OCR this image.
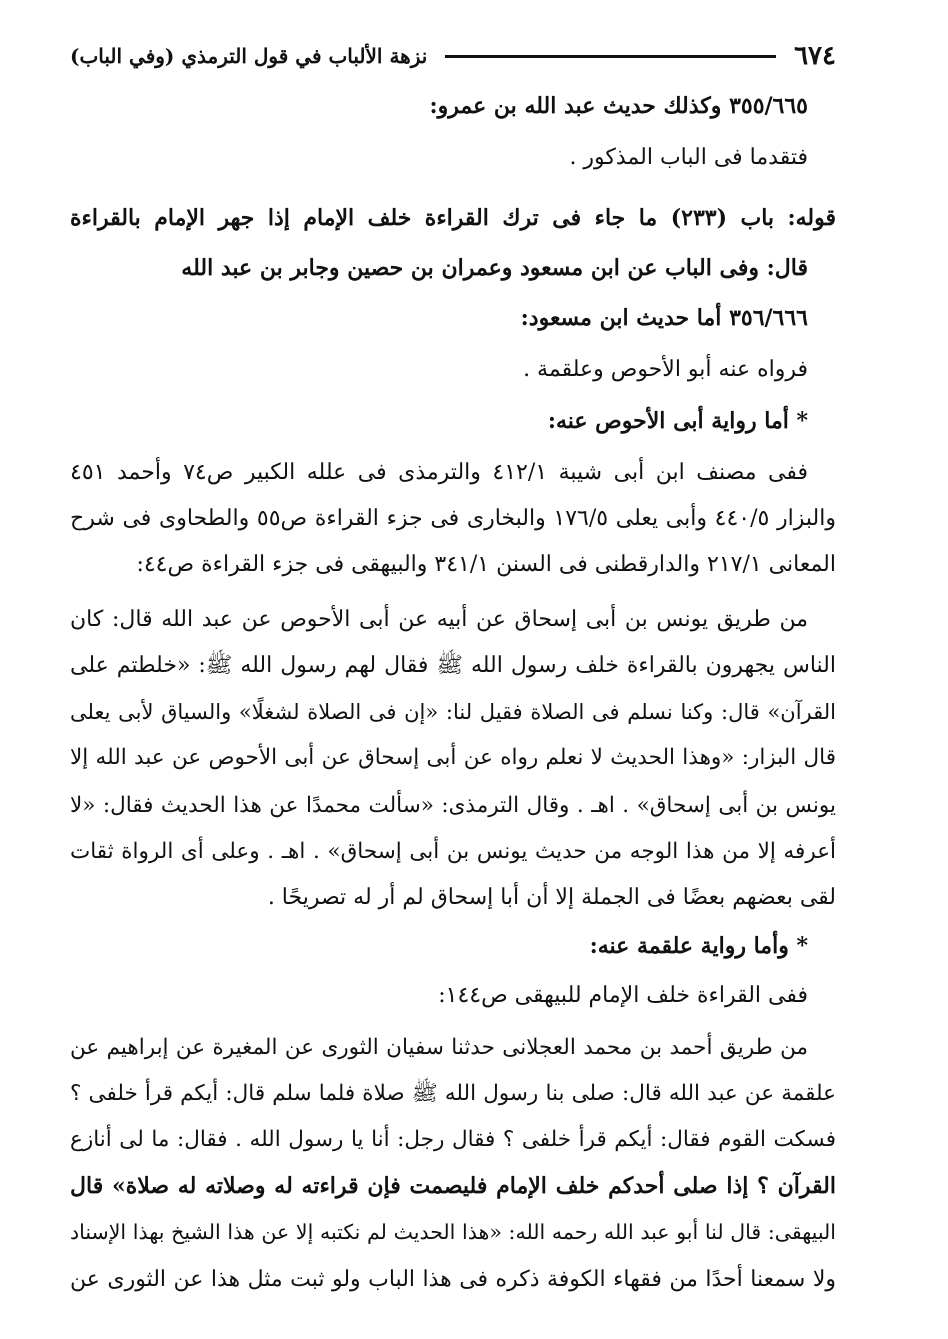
٦٧٤
نزهة الألباب في قول الترمذي (وفي الباب)
٣٥٥/٦٦٥ وكذلك حديث عبد الله بن عمرو:
فتقدما فى الباب المذكور .
قوله: باب (٢٣٣) ما جاء فى ترك القراءة خلف الإمام إذا جهر الإمام بالقراءة
قال: وفى الباب عن ابن مسعود وعمران بن حصين وجابر بن عبد الله
٣٥٦/٦٦٦ أما حديث ابن مسعود:
فرواه عنه أبو الأحوص وعلقمة .
* أما رواية أبى الأحوص عنه:
ففى مصنف ابن أبى شيبة ٤١٢/١ والترمذى فى علله الكبير ص٧٤ وأحمد ٤٥١
والبزار ٤٤٠/٥ وأبى يعلى ١٧٦/٥ والبخارى فى جزء القراءة ص٥٥ والطحاوى فى شرح
المعانى ٢١٧/١ والدارقطنى فى السنن ٣٤١/١ والبيهقى فى جزء القراءة ص٤٤:
من طريق يونس بن أبى إسحاق عن أبيه عن أبى الأحوص عن عبد الله قال: كان
الناس يجهرون بالقراءة خلف رسول الله ﷺ فقال لهم رسول الله ﷺ: «خلطتم على
القرآن» قال: وكنا نسلم فى الصلاة فقيل لنا: «إن فى الصلاة لشغلًا» والسياق لأبى يعلى
قال البزار: «وهذا الحديث لا نعلم رواه عن أبى إسحاق عن أبى الأحوص عن عبد الله إلا
يونس بن أبى إسحاق» . اهـ . وقال الترمذى: «سألت محمدًا عن هذا الحديث فقال: «لا
أعرفه إلا من هذا الوجه من حديث يونس بن أبى إسحاق» . اهـ . وعلى أى الرواة ثقات
لقى بعضهم بعضًا فى الجملة إلا أن أبا إسحاق لم أر له تصريحًا .
* وأما رواية علقمة عنه:
ففى القراءة خلف الإمام للبيهقى ص١٤٤:
من طريق أحمد بن محمد العجلانى حدثنا سفيان الثورى عن المغيرة عن إبراهيم عن
علقمة عن عبد الله قال: صلى بنا رسول الله ﷺ صلاة فلما سلم قال: أيكم قرأ خلفى ؟
فسكت القوم فقال: أيكم قرأ خلفى ؟ فقال رجل: أنا يا رسول الله . فقال: ما لى أنازع
القرآن ؟ إذا صلى أحدكم خلف الإمام فليصمت فإن قراءته له وصلاته له صلاة» قال
البيهقى: قال لنا أبو عبد الله رحمه الله: «هذا الحديث لم نكتبه إلا عن هذا الشيخ بهذا الإسناد
ولا سمعنا أحدًا من فقهاء الكوفة ذكره فى هذا الباب ولو ثبت مثل هذا عن الثورى عن
